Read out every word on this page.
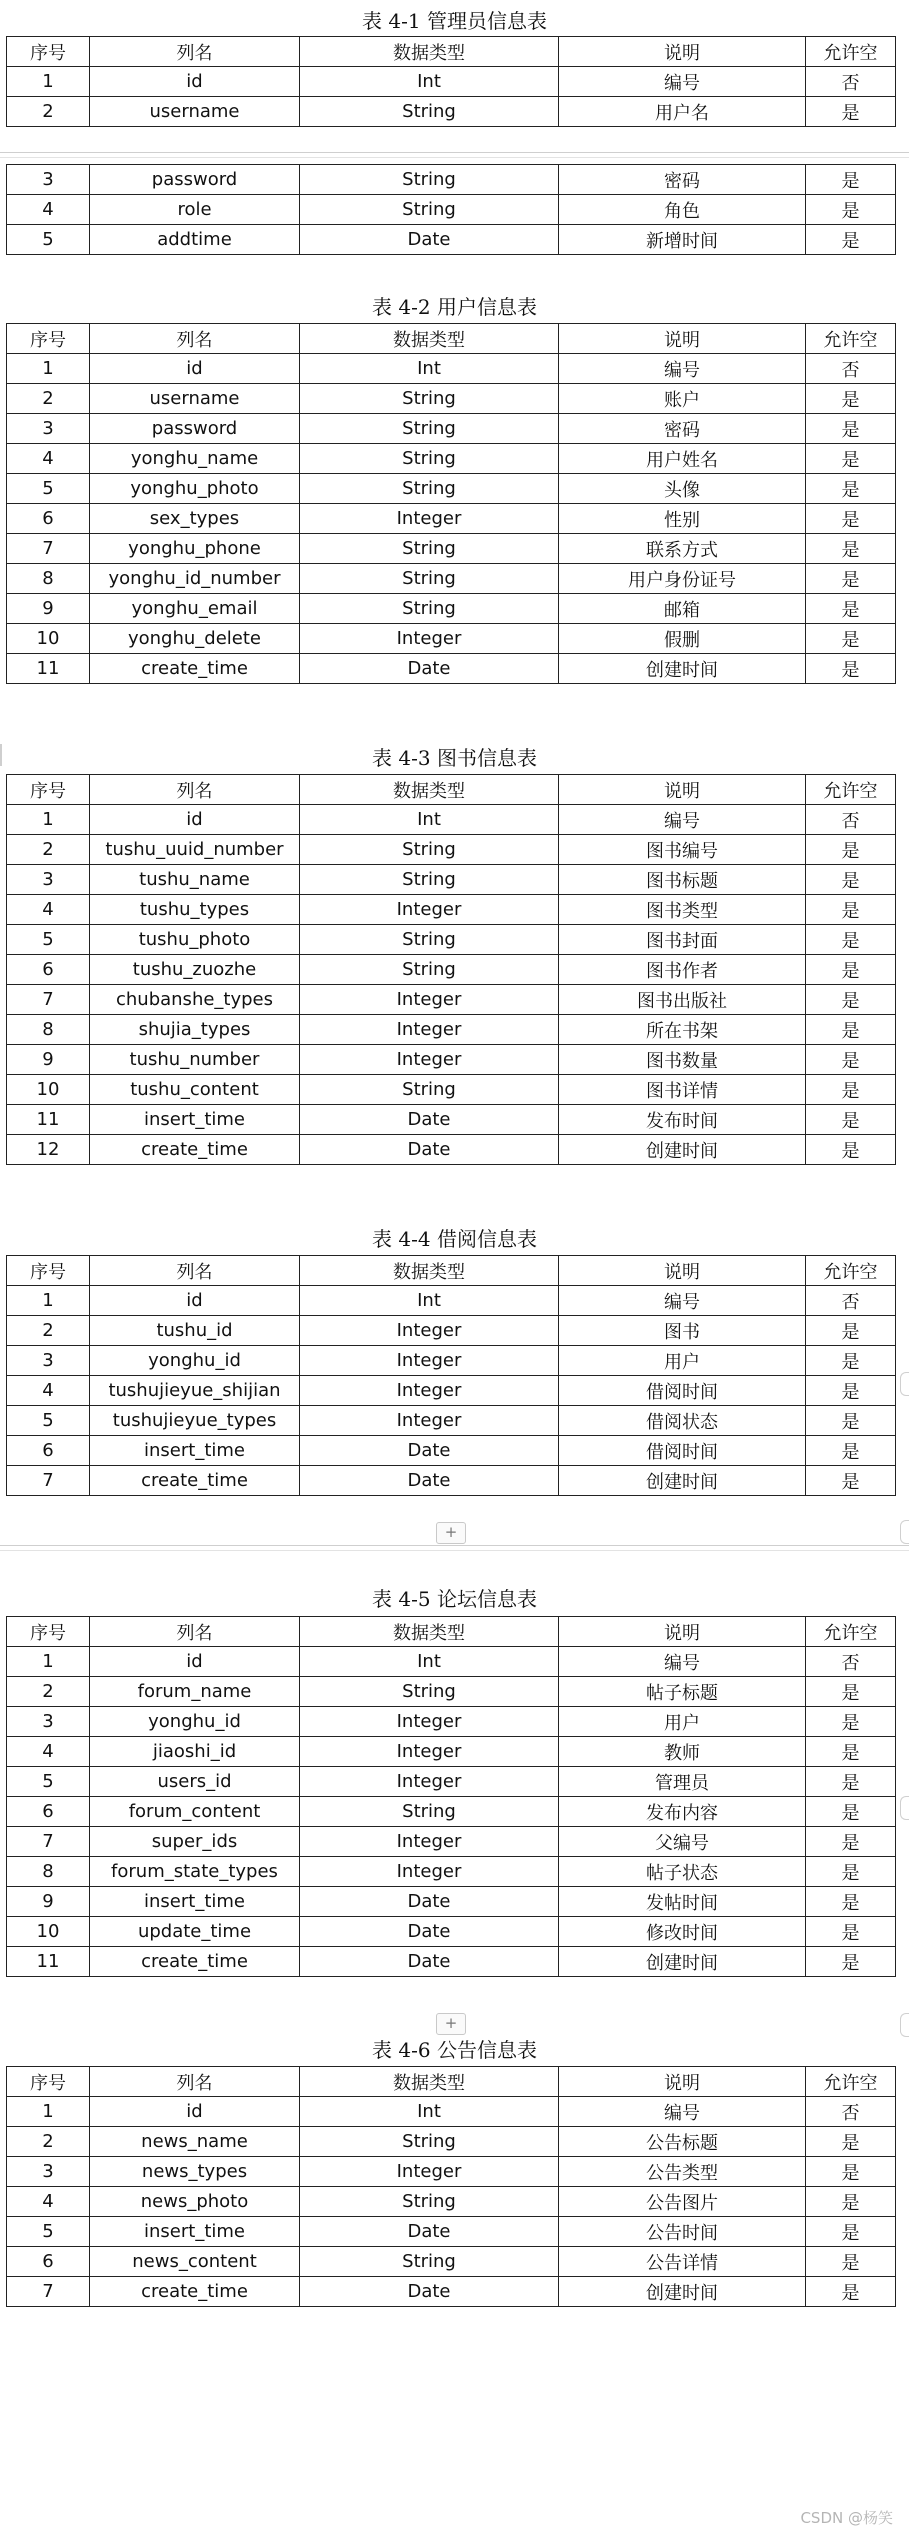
表 4-1 管理员信息表
序号	列名	数据类型	说明	允许空
1	id	Int	编号	否
2	username	String	用户名	是
3	password	String	密码	是
4	role	String	角色	是
5	addtime	Date	新增时间	是
表 4-2 用户信息表
序号	列名	数据类型	说明	允许空
1	id	Int	编号	否
2	username	String	账户	是
3	password	String	密码	是
4	yonghu_name	String	用户姓名	是
5	yonghu_photo	String	头像	是
6	sex_types	Integer	性别	是
7	yonghu_phone	String	联系方式	是
8	yonghu_id_number	String	用户身份证号	是
9	yonghu_email	String	邮箱	是
10	yonghu_delete	Integer	假删	是
11	create_time	Date	创建时间	是
表 4-3 图书信息表
序号	列名	数据类型	说明	允许空
1	id	Int	编号	否
2	tushu_uuid_number	String	图书编号	是
3	tushu_name	String	图书标题	是
4	tushu_types	Integer	图书类型	是
5	tushu_photo	String	图书封面	是
6	tushu_zuozhe	String	图书作者	是
7	chubanshe_types	Integer	图书出版社	是
8	shujia_types	Integer	所在书架	是
9	tushu_number	Integer	图书数量	是
10	tushu_content	String	图书详情	是
11	insert_time	Date	发布时间	是
12	create_time	Date	创建时间	是
表 4-4 借阅信息表
序号	列名	数据类型	说明	允许空
1	id	Int	编号	否
2	tushu_id	Integer	图书	是
3	yonghu_id	Integer	用户	是
4	tushujieyue_shijian	Integer	借阅时间	是
5	tushujieyue_types	Integer	借阅状态	是
6	insert_time	Date	借阅时间	是
7	create_time	Date	创建时间	是
+
表 4-5 论坛信息表
序号	列名	数据类型	说明	允许空
1	id	Int	编号	否
2	forum_name	String	帖子标题	是
3	yonghu_id	Integer	用户	是
4	jiaoshi_id	Integer	教师	是
5	users_id	Integer	管理员	是
6	forum_content	String	发布内容	是
7	super_ids	Integer	父编号	是
8	forum_state_types	Integer	帖子状态	是
9	insert_time	Date	发帖时间	是
10	update_time	Date	修改时间	是
11	create_time	Date	创建时间	是
+
表 4-6 公告信息表
序号	列名	数据类型	说明	允许空
1	id	Int	编号	否
2	news_name	String	公告标题	是
3	news_types	Integer	公告类型	是
4	news_photo	String	公告图片	是
5	insert_time	Date	公告时间	是
6	news_content	String	公告详情	是
7	create_time	Date	创建时间	是
CSDN @杨笑
